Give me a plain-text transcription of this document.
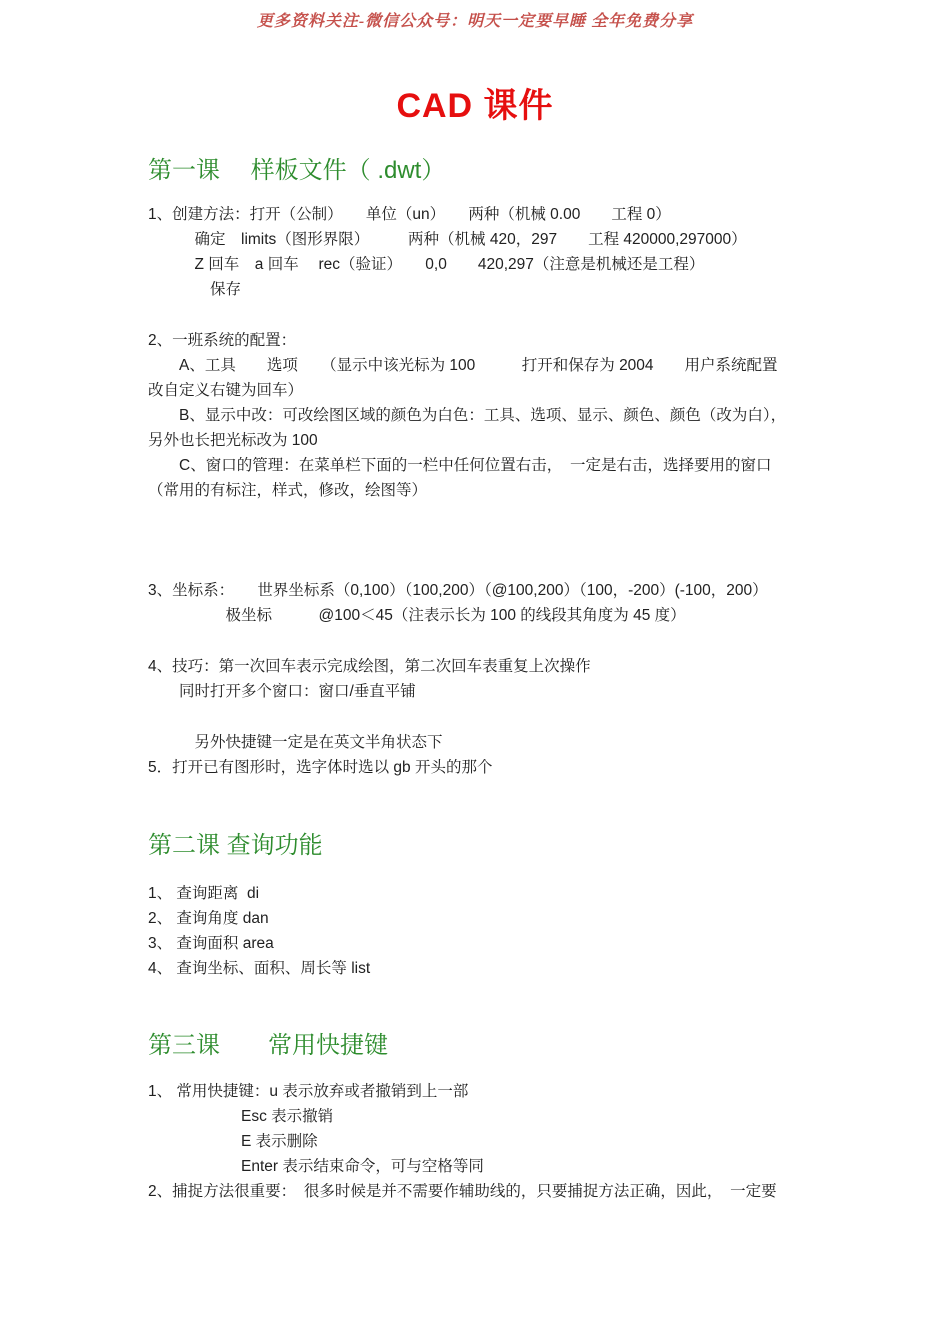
更多资料关注-微信公众号：明天一定要早睡 全年免费分享
CAD 课件
第一课　 样板文件（ .dwt）
1、创建方法：打开（公制）　　单位（un）　　两种（机械 0.00　　工程 0）
　　　确定　limits（图形界限）　　　两种（机械 420，297　　工程 420000,297000）
　　　Z 回车　a 回车　 rec（验证）　　0,0　　420,297（注意是机械还是工程）
　　　　保存
2、一班系统的配置：
　　A、工具　　选项　　（显示中该光标为 100　　　打开和保存为 2004　　用户系统配置
改自定义右键为回车）
　　B、显示中改：可改绘图区域的颜色为白色：工具、选项、显示、颜色、颜色（改为白），
另外也长把光标改为 100
　　C、窗口的管理：在菜单栏下面的一栏中任何位置右击，　一定是右击，选择要用的窗口
（常用的有标注，样式，修改，绘图等）
3、坐标系：　　世界坐标系（0,100）（100,200）（@100,200）（100，-200）(-100，200）
　　　　　极坐标　　　@100＜45（注表示长为 100 的线段其角度为 45 度）
4、技巧：第一次回车表示完成绘图，第二次回车表重复上次操作
　　同时打开多个窗口：窗口/垂直平铺
　　　另外快捷键一定是在英文半角状态下
5．打开已有图形时，选字体时选以 gb 开头的那个
第二课 查询功能
1、 查询距离  di
2、 查询角度 dan
3、 查询面积 area
4、 查询坐标、面积、周长等 list
第三课　　常用快捷键
1、 常用快捷键：u 表示放弃或者撤销到上一部
　　　　　　Esc 表示撤销
　　　　　　E 表示删除
　　　　　　Enter 表示结束命令，可与空格等同
2、捕捉方法很重要：　很多时候是并不需要作辅助线的，只要捕捉方法正确，因此，　一定要
